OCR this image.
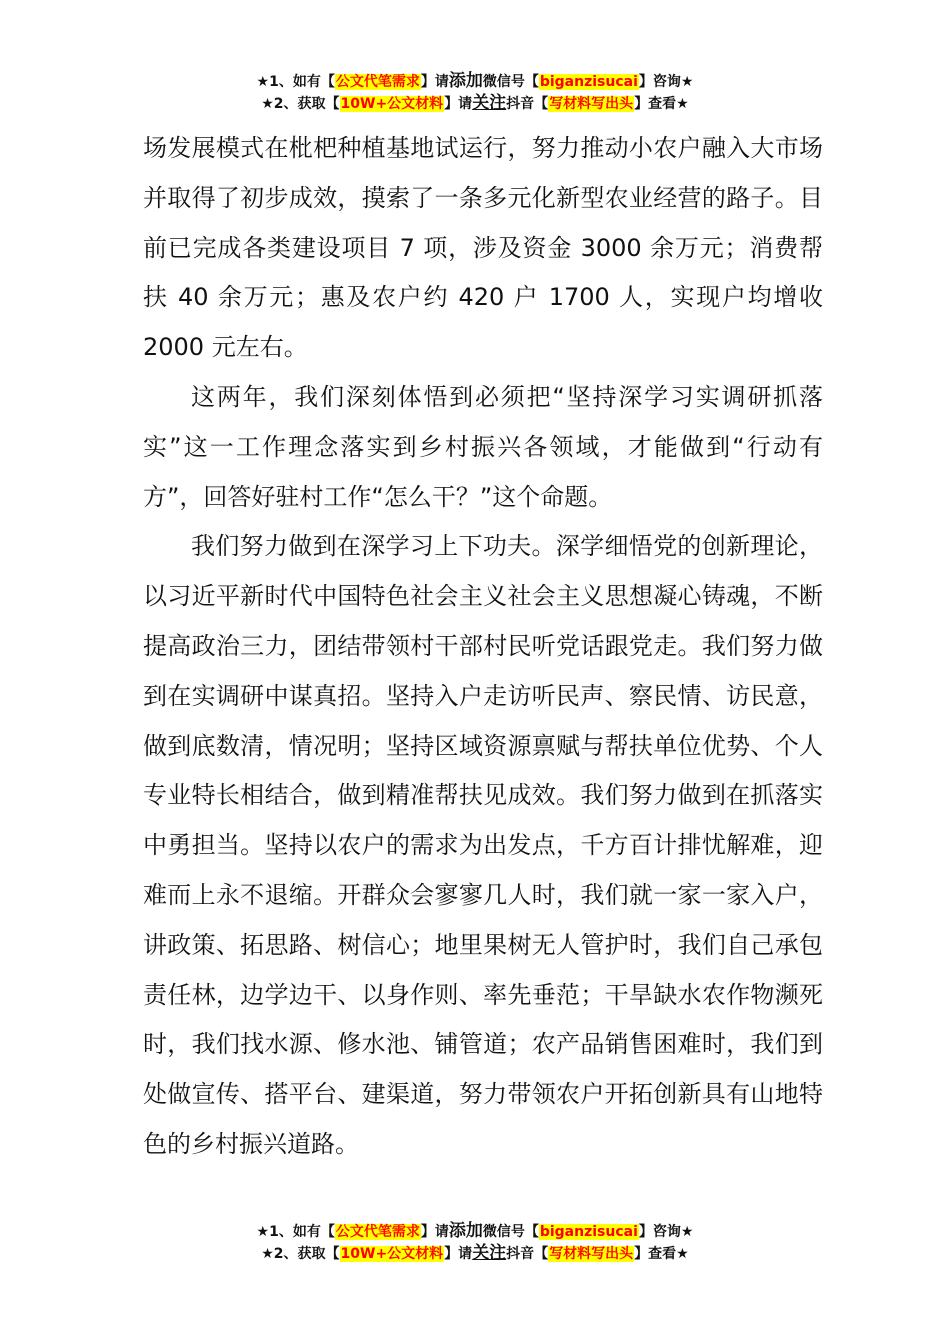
★1、如有【公文代笔需求】请添加微信号【biganzisucai】咨询★
★2、获取【10W+公文材料】请关注抖音【写材料写出头】查看★

场发展模式在枇杷种植基地试运行，努力推动小农户融入大市场并取得了初步成效，摸索了一条多元化新型农业经营的路子。目前已完成各类建设项目 7 项，涉及资金 3000 余万元；消费帮扶 40 余万元；惠及农户约 420 户 1700 人，实现户均增收 2000 元左右。

这两年，我们深刻体悟到必须把“坚持深学习实调研抓落实”这一工作理念落实到乡村振兴各领域，才能做到“行动有方”，回答好驻村工作“怎么干？”这个命题。

我们努力做到在深学习上下功夫。深学细悟党的创新理论，以习近平新时代中国特色社会主义社会主义思想凝心铸魂，不断提高政治三力，团结带领村干部村民听党话跟党走。我们努力做到在实调研中谋真招。坚持入户走访听民声、察民情、访民意，做到底数清，情况明；坚持区域资源禀赋与帮扶单位优势、个人专业特长相结合，做到精准帮扶见成效。我们努力做到在抓落实中勇担当。坚持以农户的需求为出发点，千方百计排忧解难，迎难而上永不退缩。开群众会寥寥几人时，我们就一家一家入户，讲政策、拓思路、树信心；地里果树无人管护时，我们自己承包责任林，边学边干、以身作则、率先垂范；干旱缺水农作物濒死时，我们找水源、修水池、铺管道；农产品销售困难时，我们到处做宣传、搭平台、建渠道，努力带领农户开拓创新具有山地特色的乡村振兴道路。

★1、如有【公文代笔需求】请添加微信号【biganzisucai】咨询★
★2、获取【10W+公文材料】请关注抖音【写材料写出头】查看★
